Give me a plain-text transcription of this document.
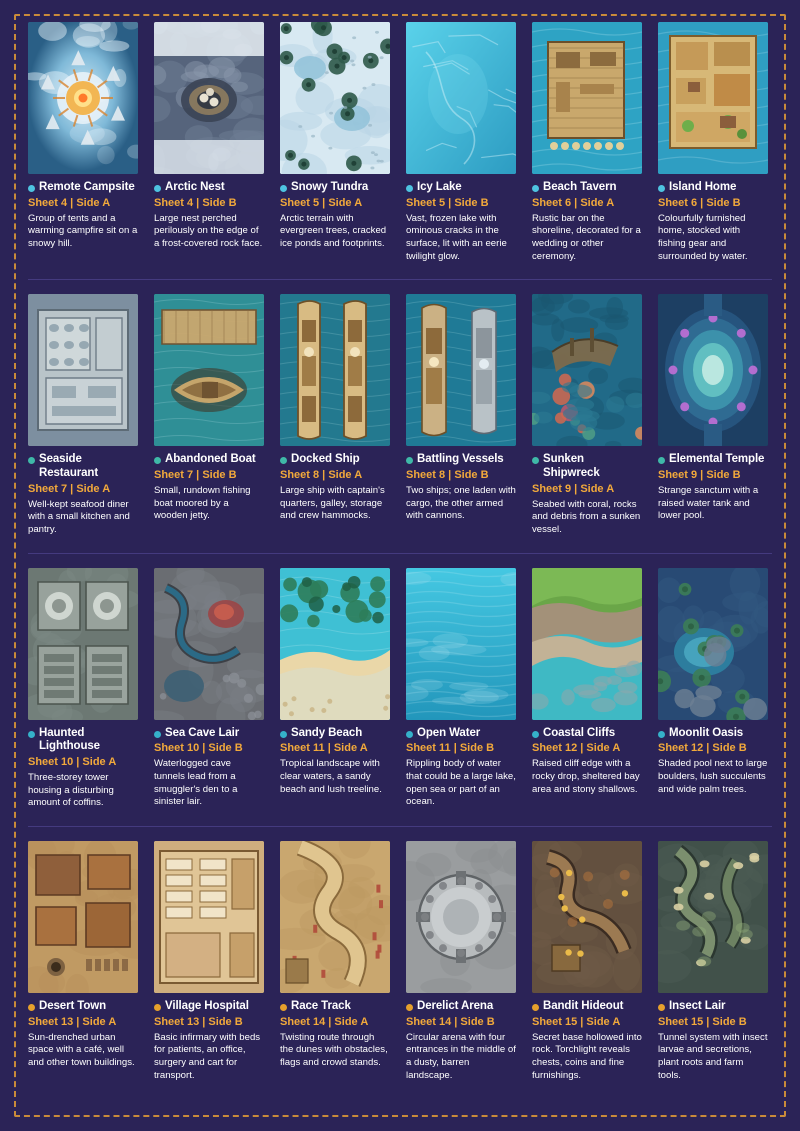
Remote Campsite
Sheet 4 | Side A
Group of tents and a warming campfire sit on a snowy hill.
Arctic Nest
Sheet 4 | Side B
Large nest perched perilously on the edge of a frost-covered rock face.
Snowy Tundra
Sheet 5 | Side A
Arctic terrain with evergreen trees, cracked ice ponds and footprints.
Icy Lake
Sheet 5 | Side B
Vast, frozen lake with ominous cracks in the surface, lit with an eerie twilight glow.
Beach Tavern
Sheet 6 | Side A
Rustic bar on the shoreline, decorated for a wedding or other ceremony.
Island Home
Sheet 6 | Side B
Colourfully furnished home, stocked with fishing gear and surrounded by water.
Seaside Restaurant
Sheet 7 | Side A
Well-kept seafood diner with a small kitchen and pantry.
Abandoned Boat
Sheet 7 | Side B
Small, rundown fishing boat moored by a wooden jetty.
Docked Ship
Sheet 8 | Side A
Large ship with captain's quarters, galley, storage and crew hammocks.
Battling Vessels
Sheet 8 | Side B
Two ships; one laden with cargo, the other armed with cannons.
Sunken Shipwreck
Sheet 9 | Side A
Seabed with coral, rocks and debris from a sunken vessel.
Elemental Temple
Sheet 9 | Side B
Strange sanctum with a raised water tank and lower pool.
Haunted Lighthouse
Sheet 10 | Side A
Three-storey tower housing a disturbing amount of coffins.
Sea Cave Lair
Sheet 10 | Side B
Waterlogged cave tunnels lead from a smuggler's den to a sinister lair.
Sandy Beach
Sheet 11 | Side A
Tropical landscape with clear waters, a sandy beach and lush treeline.
Open Water
Sheet 11 | Side B
Rippling body of water that could be a large lake, open sea or part of an ocean.
Coastal Cliffs
Sheet 12 | Side A
Raised cliff edge with a rocky drop, sheltered bay area and stony shallows.
Moonlit Oasis
Sheet 12 | Side B
Shaded pool next to large boulders, lush succulents and wide palm trees.
Desert Town
Sheet 13 | Side A
Sun-drenched urban space with a café, well and other town buildings.
Village Hospital
Sheet 13 | Side B
Basic infirmary with beds for patients, an office, surgery and cart for transport.
Race Track
Sheet 14 | Side A
Twisting route through the dunes with obstacles, flags and crowd stands.
Derelict Arena
Sheet 14 | Side B
Circular arena with four entrances in the middle of a dusty, barren landscape.
Bandit Hideout
Sheet 15 | Side A
Secret base hollowed into rock. Torchlight reveals chests, coins and fine furnishings.
Insect Lair
Sheet 15 | Side B
Tunnel system with insect larvae and secretions, plant roots and farm tools.
